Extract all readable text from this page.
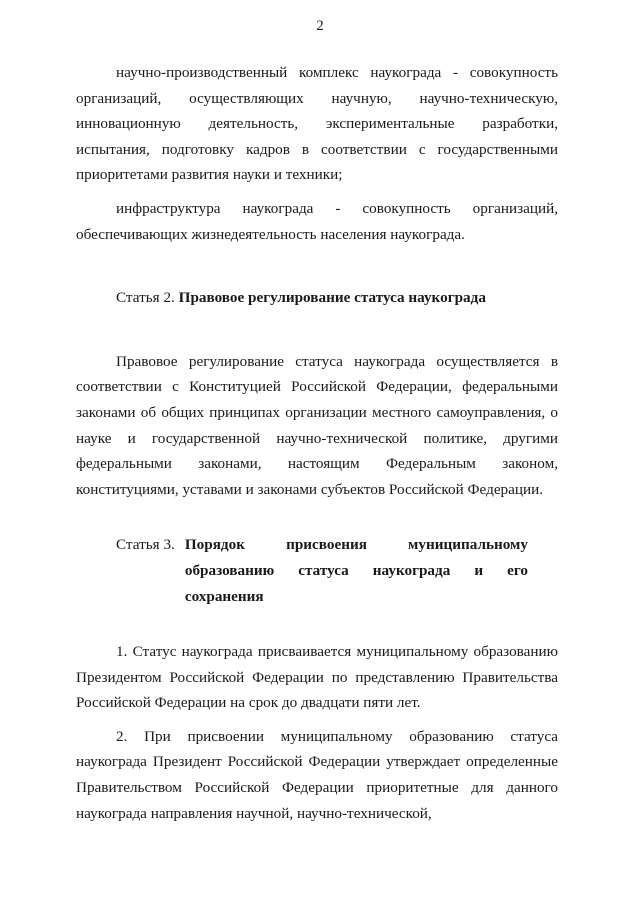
2

научно-производственный комплекс наукограда - совокупность организаций, осуществляющих научную, научно-техническую, инновационную деятельность, экспериментальные разработки, испытания, подготовку кадров в соответствии с государственными приоритетами развития науки и техники;

инфраструктура наукограда - совокупность организаций, обеспечивающих жизнедеятельность населения наукограда.

Статья 2. Правовое регулирование статуса наукограда

Правовое регулирование статуса наукограда осуществляется в соответствии с Конституцией Российской Федерации, федеральными законами об общих принципах организации местного самоуправления, о науке и государственной научно-технической политике, другими федеральными законами, настоящим Федеральным законом, конституциями, уставами и законами субъектов Российской Федерации.

Статья 3. Порядок присвоения муниципальному
образованию статуса наукограда и его
сохранения

1. Статус наукограда присваивается муниципальному образованию Президентом Российской Федерации по представлению Правительства Российской Федерации на срок до двадцати пяти лет.

2. При присвоении муниципальному образованию статуса наукограда Президент Российской Федерации утверждает определенные Правительством Российской Федерации приоритетные для данного наукограда направления научной, научно-технической,
